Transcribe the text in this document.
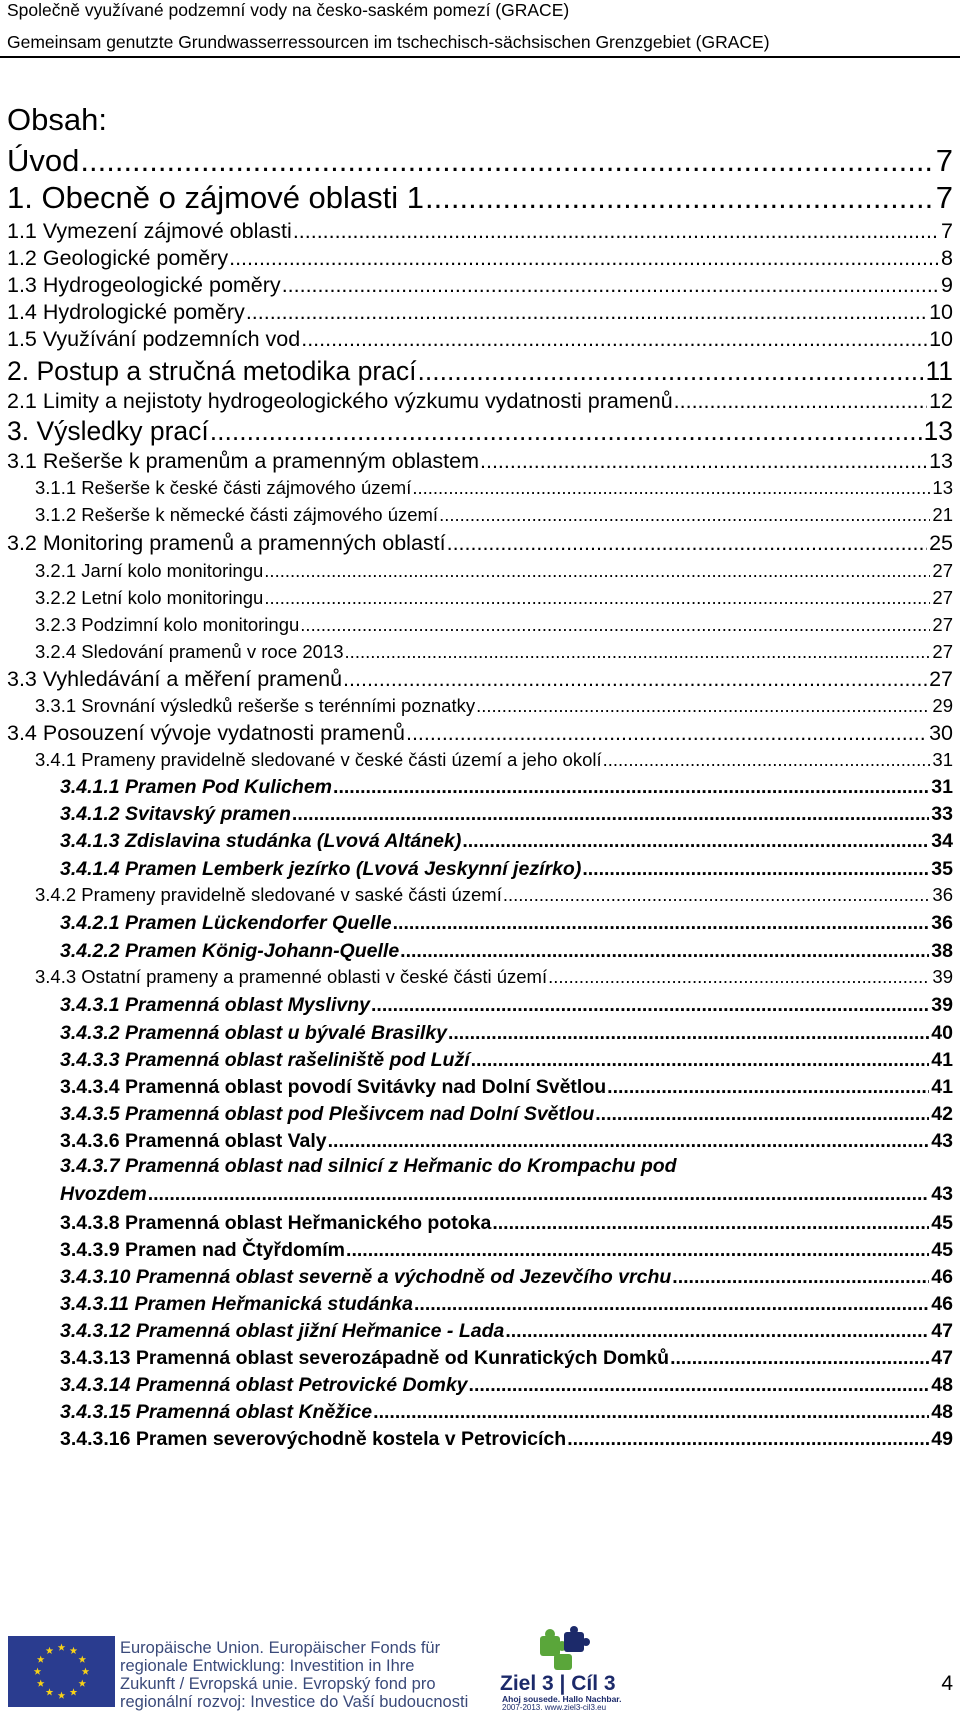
Společně využívané podzemní vody na česko-saském pomezí (GRACE)
Gemeinsam genutzte Grundwasserressourcen im tschechisch-sächsischen Grenzgebiet (GRACE)
Obsah:
Úvod .....	7
1. Obecně o zájmové oblasti 1 .....	7
1.1 Vymezení zájmové oblasti .....	7
1.2 Geologické poměry .....	8
1.3 Hydrogeologické poměry .....	9
1.4 Hydrologické poměry .....	10
1.5 Využívání podzemních vod .....	10
2. Postup a stručná metodika prací .....	11
2.1 Limity a nejistoty hydrogeologického výzkumu vydatnosti pramenů .....	12
3. Výsledky prací .....	13
3.1 Rešerše k pramenům a pramenným oblastem .....	13
3.1.1 Rešerše k české části zájmového území .....	13
3.1.2 Rešerše k německé části zájmového území .....	21
3.2 Monitoring pramenů a pramenných oblastí .....	25
3.2.1 Jarní kolo monitoringu .....	27
3.2.2 Letní kolo monitoringu .....	27
3.2.3 Podzimní kolo monitoringu .....	27
3.2.4 Sledování pramenů v roce 2013 .....	27
3.3 Vyhledávání a měření pramenů .....	27
3.3.1 Srovnání výsledků rešerše s terénními poznatky .....	29
3.4 Posouzení vývoje vydatnosti pramenů .....	30
3.4.1 Prameny pravidelně sledované v české části území a jeho okolí .....	31
3.4.1.1 Pramen Pod Kulichem .....	31
3.4.1.2 Svitavský pramen .....	33
3.4.1.3 Zdislavina studánka (Lvová Altánek) .....	34
3.4.1.4 Pramen Lemberk jezírko (Lvová Jeskynní jezírko) .....	35
3.4.2 Prameny pravidelně sledované v saské části území .....	36
3.4.2.1 Pramen Lückendorfer Quelle .....	36
3.4.2.2 Pramen König-Johann-Quelle .....	38
3.4.3 Ostatní prameny a pramenné oblasti v české části území .....	39
3.4.3.1 Pramenná oblast Myslivny .....	39
3.4.3.2 Pramenná oblast u bývalé Brasilky .....	40
3.4.3.3 Pramenná oblast rašeliniště pod Luží .....	41
3.4.3.4 Pramenná oblast povodí Svitávky nad Dolní Světlou .....	41
3.4.3.5 Pramenná oblast pod Plešivcem nad Dolní Světlou .....	42
3.4.3.6 Pramenná oblast Valy .....	43
3.4.3.7 Pramenná oblast nad silnicí z Heřmanic do Krompachu pod
Hvozdem .....	43
3.4.3.8 Pramenná oblast Heřmanického potoka .....	45
3.4.3.9 Pramen nad Čtyřdomím .....	45
3.4.3.10 Pramenná oblast severně a východně od Jezevčího vrchu .....	46
3.4.3.11 Pramen Heřmanická studánka .....	46
3.4.3.12 Pramenná oblast jižní Heřmanice - Lada .....	47
3.4.3.13 Pramenná oblast severozápadně od Kunratických Domků .....	47
3.4.3.14 Pramenná oblast Petrovické Domky .....	48
3.4.3.15 Pramenná oblast Kněžice .....	48
3.4.3.16 Pramen severovýchodně kostela v Petrovicích .....	49
Europäische Union. Europäischer Fonds für
regionale Entwicklung: Investition in Ihre
Zukunft / Evropská unie. Evropský fond pro
regionální rozvoj: Investice do Vaší budoucnosti
Ziel 3 | Cíl 3
Ahoj sousede. Hallo Nachbar.
2007-2013. www.ziel3-cil3.eu
4
